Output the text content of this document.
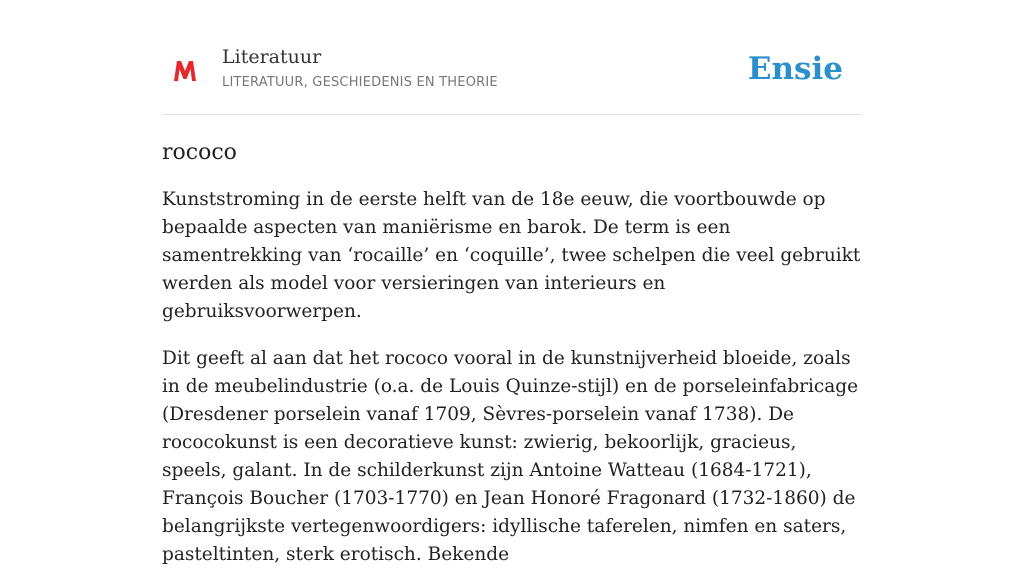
Literatuur
LITERATUUR, GESCHIEDENIS EN THEORIE	Ensie
rococo

Kunststroming in de eerste helft van de 18e eeuw, die voortbouwde op bepaalde aspecten van maniërisme en barok. De term is een samentrekking van ‘rocaille’ en ‘coquille’, twee schelpen die veel gebruikt werden als model voor versieringen van interieurs en gebruiksvoorwerpen.

Dit geeft al aan dat het rococo vooral in de kunstnijverheid bloeide, zoals in de meubelindustrie (o.a. de Louis Quinze-stijl) en de porseleinfabricage (Dresdener porselein vanaf 1709, Sèvres-porselein vanaf 1738). De rococokunst is een decoratieve kunst: zwierig, bekoorlijk, gracieus, speels, galant. In de schilderkunst zijn Antoine Watteau (1684-1721), François Boucher (1703-1770) en Jean Honoré Fragonard (1732-1860) de belangrijkste vertegenwoordigers: idyllische taferelen, nimfen en saters, pasteltinten, sterk erotisch. Bekende
